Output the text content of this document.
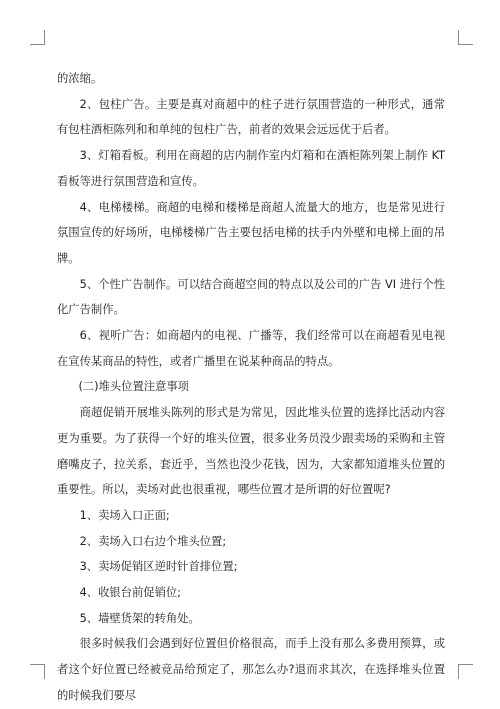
的浓缩。

2、包柱广告。主要是真对商超中的柱子进行氛围营造的一种形式，通常有包柱酒柜陈列和和单纯的包柱广告，前者的效果会远远优于后者。

3、灯箱看板。利用在商超的店内制作室内灯箱和在酒柜陈列架上制作 KT 看板等进行氛围营造和宣传。

4、电梯楼梯。商超的电梯和楼梯是商超人流量大的地方，也是常见进行氛围宣传的好场所，电梯楼梯广告主要包括电梯的扶手内外壁和电梯上面的吊牌。

5、个性广告制作。可以结合商超空间的特点以及公司的广告 VI 进行个性化广告制作。

6、视听广告：如商超内的电视、广播等，我们经常可以在商超看见电视在宣传某商品的特性，或者广播里在说某种商品的特点。

(二)堆头位置注意事项

商超促销开展堆头陈列的形式是为常见，因此堆头位置的选择比活动内容更为重要。为了获得一个好的堆头位置，很多业务员没少跟卖场的采购和主管磨嘴皮子，拉关系，套近乎，当然也没少花钱，因为，大家都知道堆头位置的重要性。所以，卖场对此也很重视，哪些位置才是所谓的好位置呢?

1、卖场入口正面;

2、卖场入口右边个堆头位置;

3、卖场促销区逆时针首排位置;

4、收银台前促销位;

5、墙壁货架的转角处。

很多时候我们会遇到好位置但价格很高，而手上没有那么多费用预算，或者这个好位置已经被竞品给预定了，那怎么办?退而求其次，在选择堆头位置的时候我们要尽
